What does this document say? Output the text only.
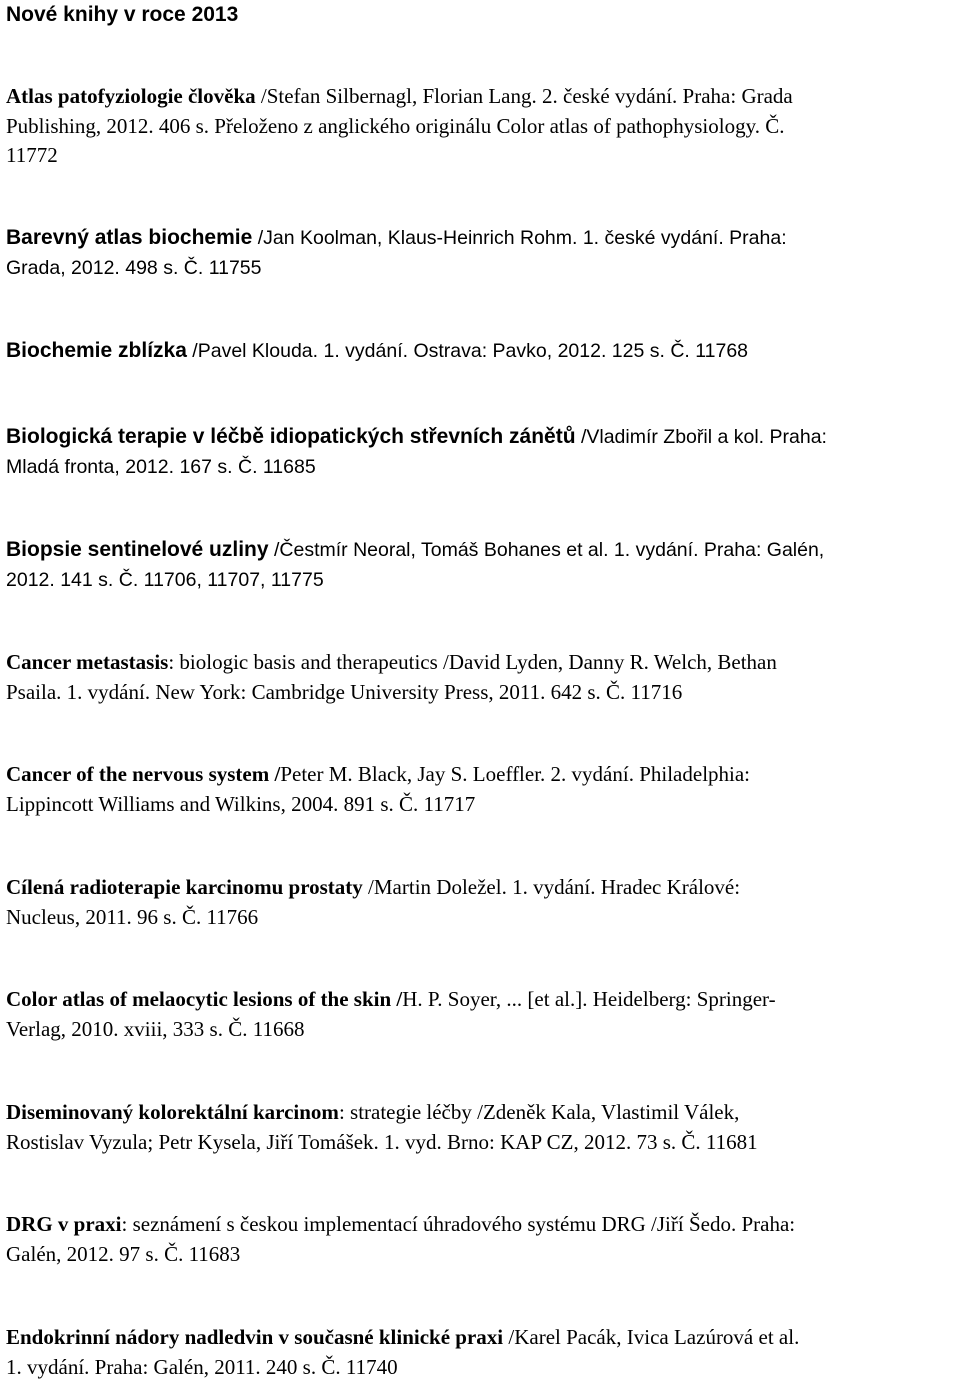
Nové knihy v roce 2013

Atlas patofyziologie člověka /Stefan Silbernagl, Florian Lang. 2. české vydání. Praha: Grada
Publishing, 2012. 406 s. Přeloženo z anglického originálu Color atlas of pathophysiology. Č.
11772

Barevný atlas biochemie /Jan Koolman, Klaus-Heinrich Rohm. 1. české vydání. Praha:
Grada, 2012. 498 s. Č. 11755

Biochemie zblízka /Pavel Klouda. 1. vydání. Ostrava: Pavko, 2012. 125 s. Č. 11768

Biologická terapie v léčbě idiopatických střevních zánětů /Vladimír Zbořil a kol. Praha:
Mladá fronta, 2012. 167 s. Č. 11685

Biopsie sentinelové uzliny /Čestmír Neoral, Tomáš Bohanes et al. 1. vydání. Praha: Galén,
2012. 141 s. Č. 11706, 11707, 11775

Cancer metastasis: biologic basis and therapeutics /David Lyden, Danny R. Welch, Bethan
Psaila. 1. vydání. New York: Cambridge University Press, 2011. 642 s. Č. 11716

Cancer of the nervous system /Peter M. Black, Jay S. Loeffler. 2. vydání. Philadelphia:
Lippincott Williams and Wilkins, 2004. 891 s. Č. 11717

Cílená radioterapie karcinomu prostaty /Martin Doležel. 1. vydání. Hradec Králové:
Nucleus, 2011. 96 s. Č. 11766

Color atlas of melaocytic lesions of the skin /H. P. Soyer, ... [et al.]. Heidelberg: Springer-
Verlag, 2010. xviii, 333 s. Č. 11668

Diseminovaný kolorektální karcinom: strategie léčby /Zdeněk Kala, Vlastimil Válek,
Rostislav Vyzula; Petr Kysela, Jiří Tomášek. 1. vyd. Brno: KAP CZ, 2012. 73 s. Č. 11681

DRG v praxi: seznámení s českou implementací úhradového systému DRG /Jiří Šedo. Praha:
Galén, 2012. 97 s. Č. 11683

Endokrinní nádory nadledvin v současné klinické praxi /Karel Pacák, Ivica Lazúrová et al.
1. vydání. Praha: Galén, 2011. 240 s. Č. 11740
